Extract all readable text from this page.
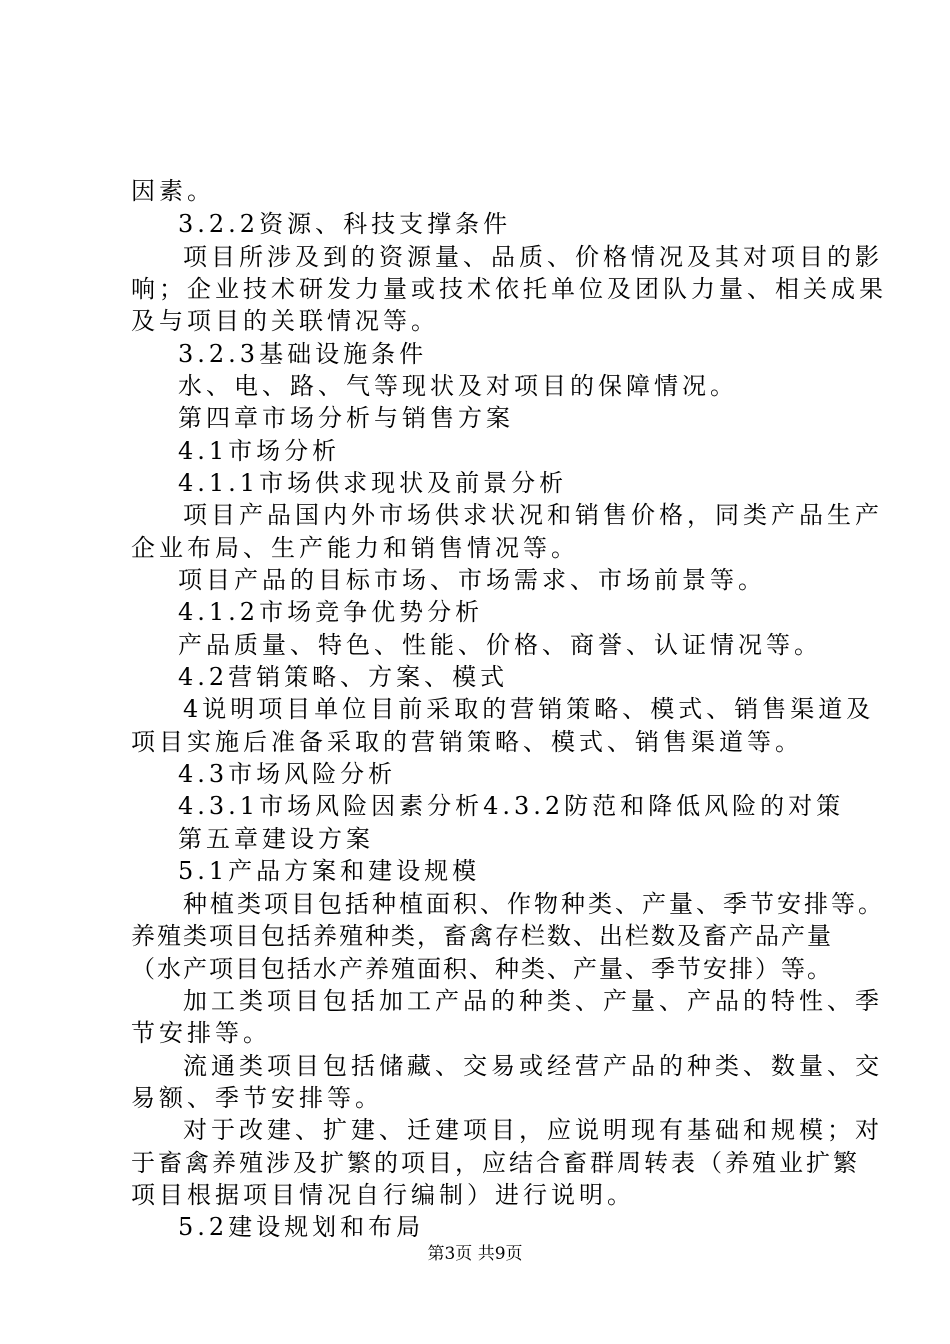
因素。
3.2.2资源、科技支撑条件
项目所涉及到的资源量、品质、价格情况及其对项目的影
响；企业技术研发力量或技术依托单位及团队力量、相关成果
及与项目的关联情况等。
3.2.3基础设施条件
水、电、路、气等现状及对项目的保障情况。
第四章市场分析与销售方案
4.1市场分析
4.1.1市场供求现状及前景分析
项目产品国内外市场供求状况和销售价格，同类产品生产
企业布局、生产能力和销售情况等。
项目产品的目标市场、市场需求、市场前景等。
4.1.2市场竞争优势分析
产品质量、特色、性能、价格、商誉、认证情况等。
4.2营销策略、方案、模式
4说明项目单位目前采取的营销策略、模式、销售渠道及
项目实施后准备采取的营销策略、模式、销售渠道等。
4.3市场风险分析
4.3.1市场风险因素分析4.3.2防范和降低风险的对策
第五章建设方案
5.1产品方案和建设规模
种植类项目包括种植面积、作物种类、产量、季节安排等。
养殖类项目包括养殖种类，畜禽存栏数、出栏数及畜产品产量
（水产项目包括水产养殖面积、种类、产量、季节安排）等。
加工类项目包括加工产品的种类、产量、产品的特性、季
节安排等。
流通类项目包括储藏、交易或经营产品的种类、数量、交
易额、季节安排等。
对于改建、扩建、迁建项目，应说明现有基础和规模；对
于畜禽养殖涉及扩繁的项目，应结合畜群周转表（养殖业扩繁
项目根据项目情况自行编制）进行说明。
5.2建设规划和布局
第3页 共9页
